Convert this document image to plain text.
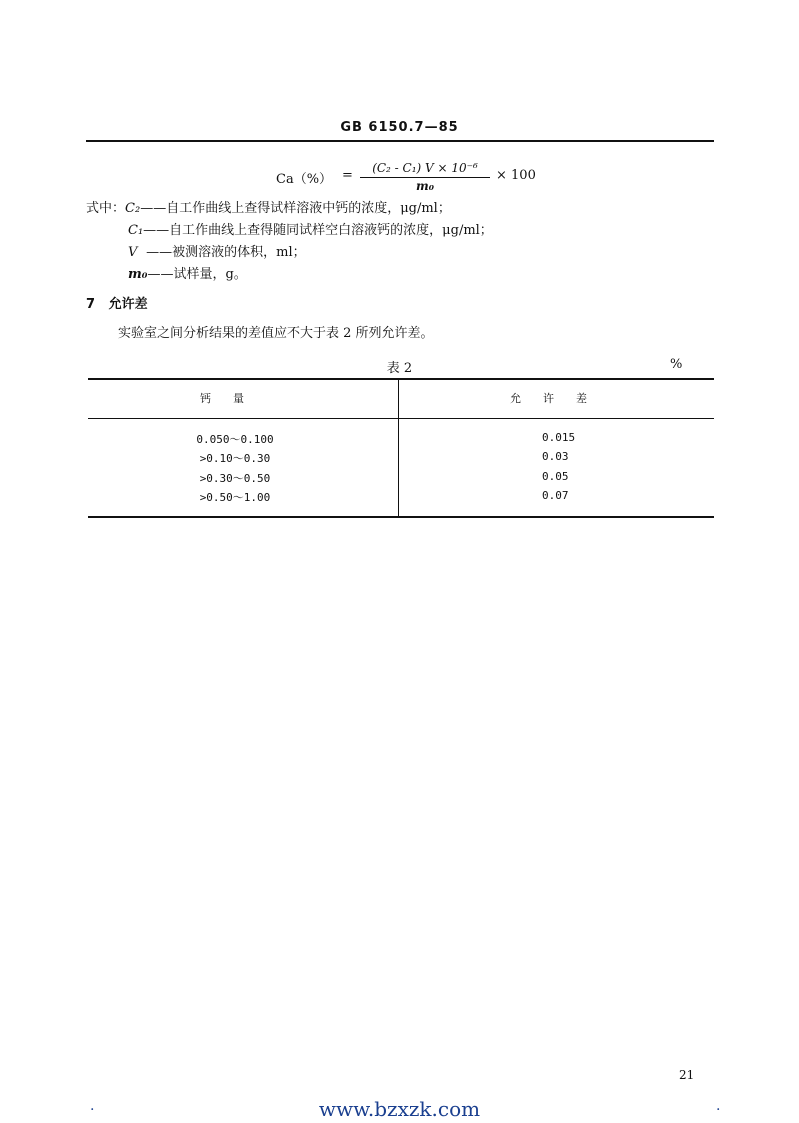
GB 6150.7—85
Ca（%） =	(C₂ - C₁) V × 10⁻⁶
m₀
× 100
式中：C₂——自工作曲线上查得试样溶液中钙的浓度，μg/ml；
C₁——自工作曲线上查得随同试样空白溶液钙的浓度，μg/ml；
V ——被测溶液的体积，ml；
m₀——试样量，g。
7 允许差
实验室之间分析结果的差值应不大于表 2 所列允许差。
表 2	%
钙量	允许差
0.050～0.100	0.015
>0.10～0.30	0.03
>0.30～0.50	0.05
>0.50～1.00	0.07
21
.	www.bzxzk.com	.
